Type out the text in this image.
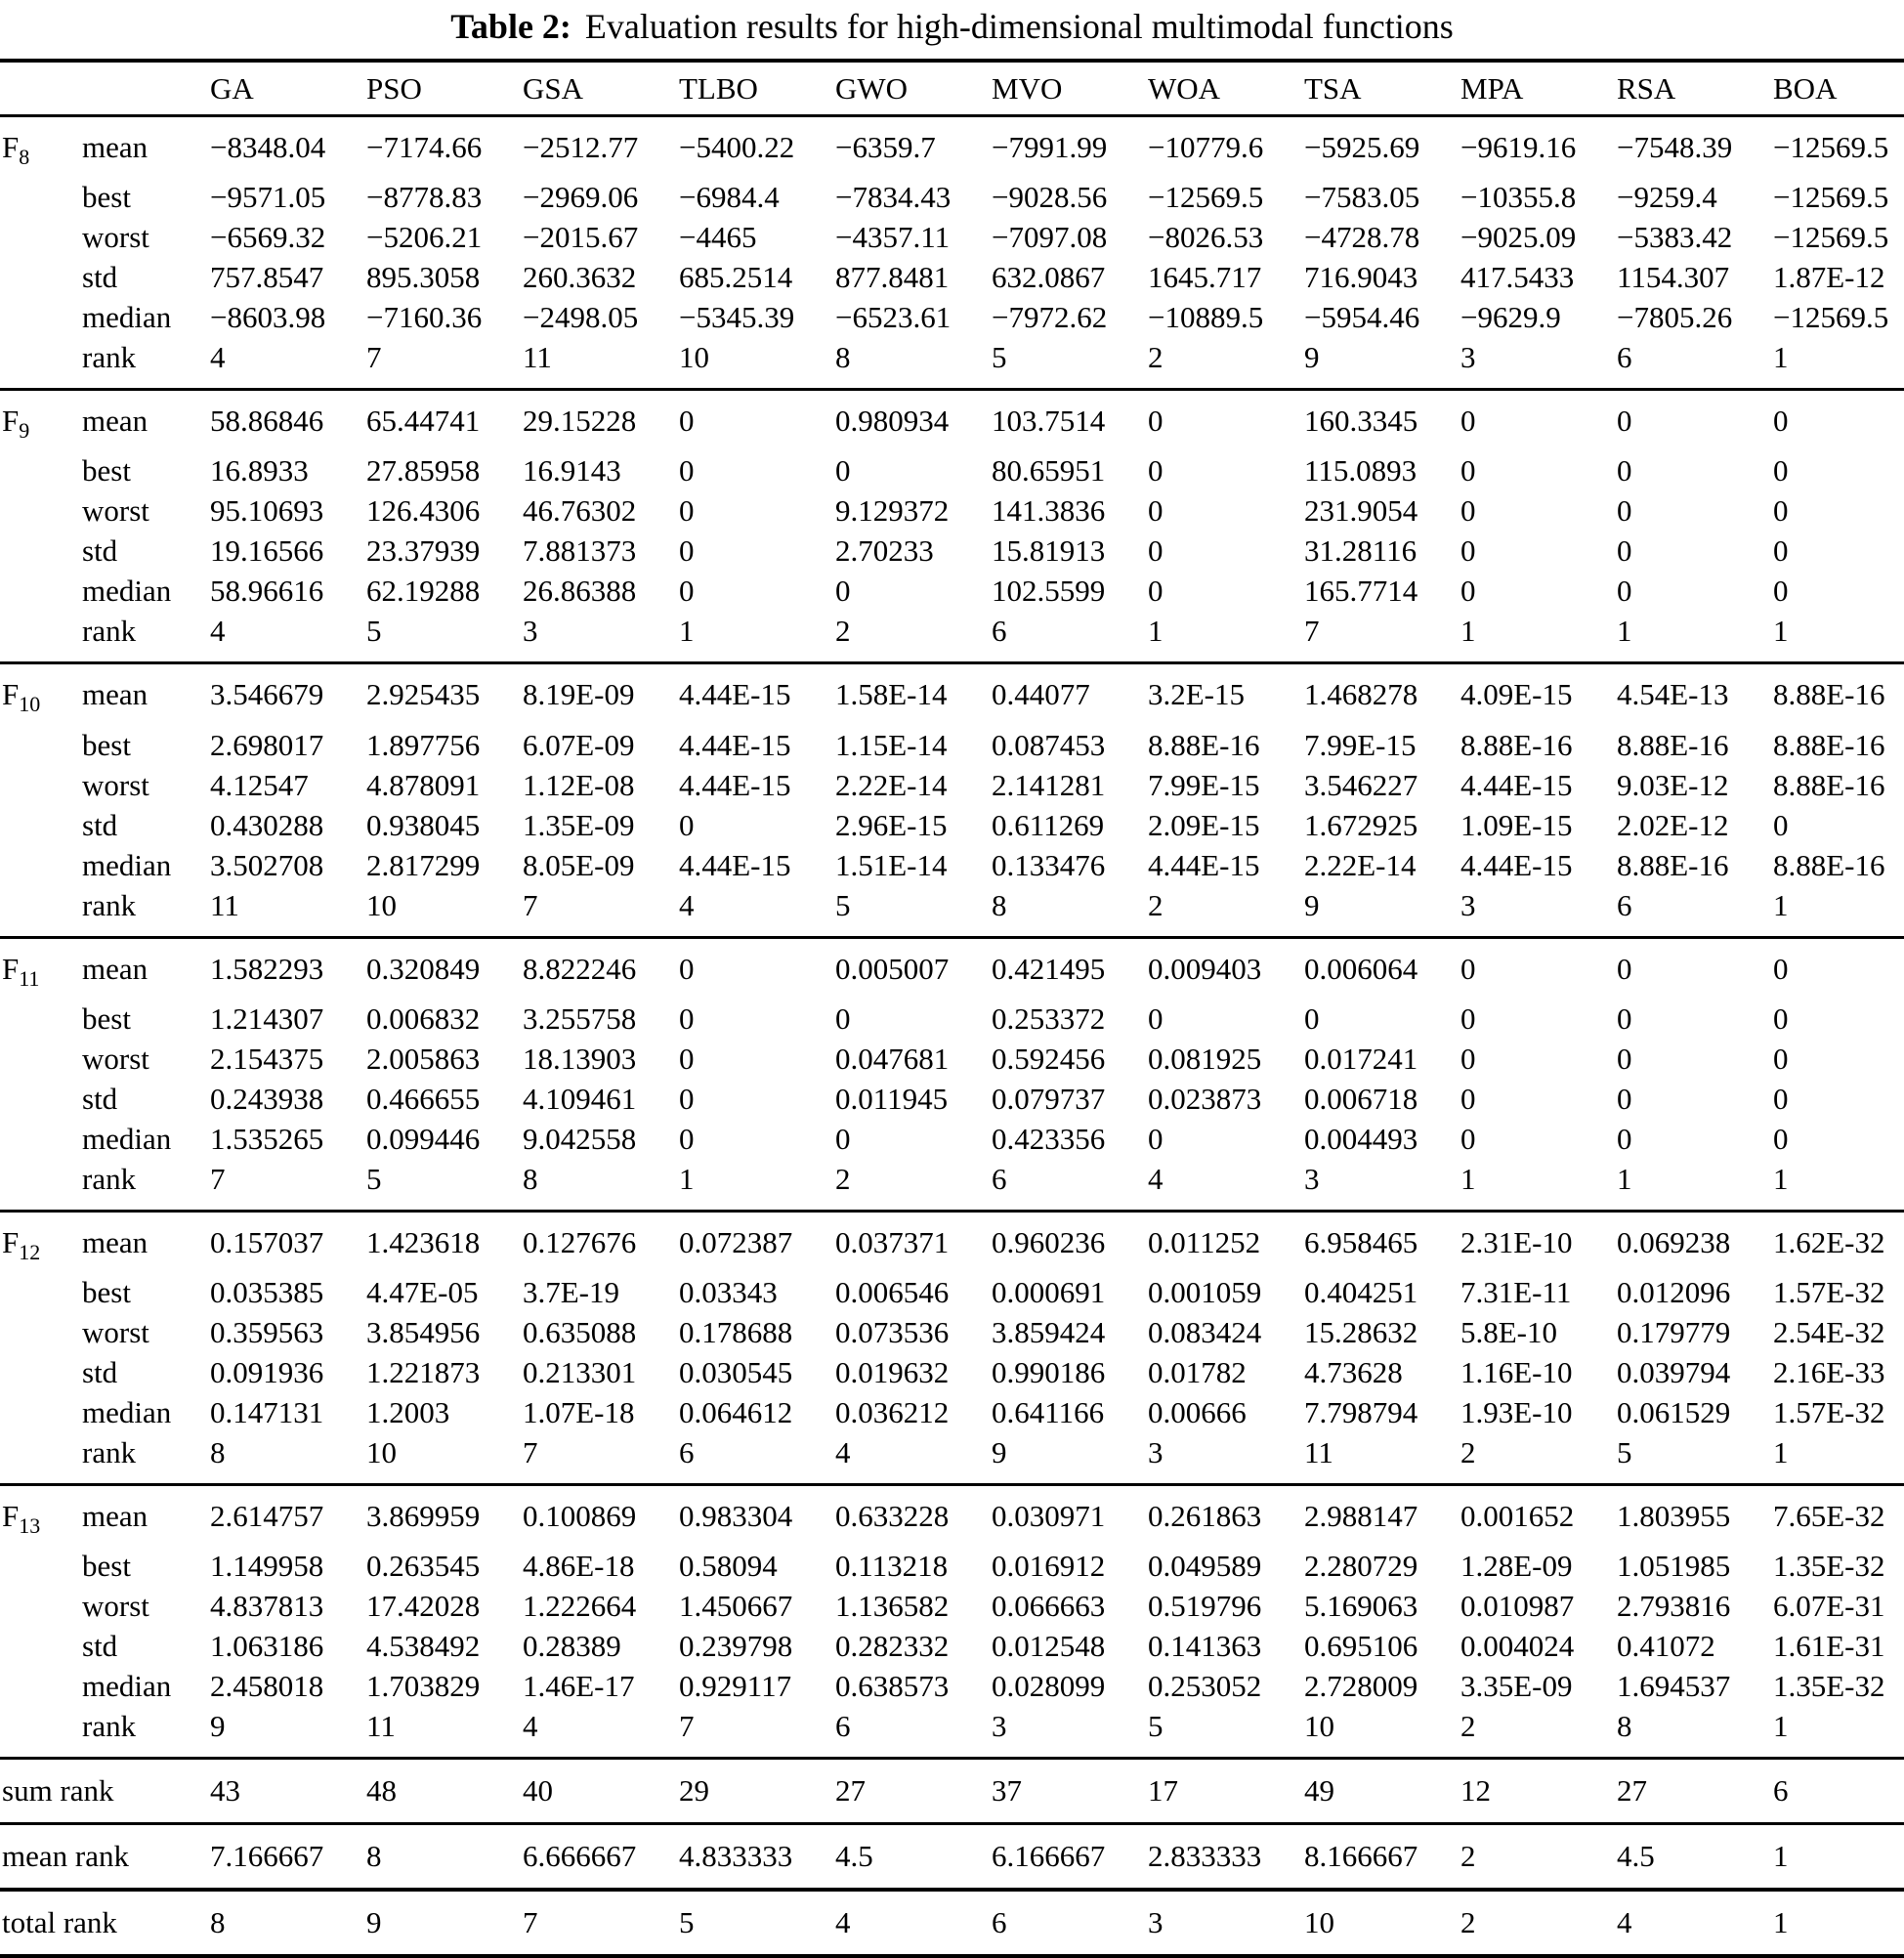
Table 2: Evaluation results for high-dimensional multimodal functions
		GA	PSO	GSA	TLBO	GWO	MVO	WOA	TSA	MPA	RSA	BOA
$F_8$	mean	−8348.04	−7174.66	−2512.77	−5400.22	−6359.7	−7991.99	−10779.6	−5925.69	−9619.16	−7548.39	−12569.5
	best	−9571.05	−8778.83	−2969.06	−6984.4	−7834.43	−9028.56	−12569.5	−7583.05	−10355.8	−9259.4	−12569.5
	worst	−6569.32	−5206.21	−2015.67	−4465	−4357.11	−7097.08	−8026.53	−4728.78	−9025.09	−5383.42	−12569.5
	std	757.8547	895.3058	260.3632	685.2514	877.8481	632.0867	1645.717	716.9043	417.5433	1154.307	1.87E-12
	median	−8603.98	−7160.36	−2498.05	−5345.39	−6523.61	−7972.62	−10889.5	−5954.46	−9629.9	−7805.26	−12569.5
	rank	4	7	11	10	8	5	2	9	3	6	1
$F_9$	mean	58.86846	65.44741	29.15228	0	0.980934	103.7514	0	160.3345	0	0	0
	best	16.8933	27.85958	16.9143	0	0	80.65951	0	115.0893	0	0	0
	worst	95.10693	126.4306	46.76302	0	9.129372	141.3836	0	231.9054	0	0	0
	std	19.16566	23.37939	7.881373	0	2.70233	15.81913	0	31.28116	0	0	0
	median	58.96616	62.19288	26.86388	0	0	102.5599	0	165.7714	0	0	0
	rank	4	5	3	1	2	6	1	7	1	1	1
$F_{10}$	mean	3.546679	2.925435	8.19E-09	4.44E-15	1.58E-14	0.44077	3.2E-15	1.468278	4.09E-15	4.54E-13	8.88E-16
	best	2.698017	1.897756	6.07E-09	4.44E-15	1.15E-14	0.087453	8.88E-16	7.99E-15	8.88E-16	8.88E-16	8.88E-16
	worst	4.12547	4.878091	1.12E-08	4.44E-15	2.22E-14	2.141281	7.99E-15	3.546227	4.44E-15	9.03E-12	8.88E-16
	std	0.430288	0.938045	1.35E-09	0	2.96E-15	0.611269	2.09E-15	1.672925	1.09E-15	2.02E-12	0
	median	3.502708	2.817299	8.05E-09	4.44E-15	1.51E-14	0.133476	4.44E-15	2.22E-14	4.44E-15	8.88E-16	8.88E-16
	rank	11	10	7	4	5	8	2	9	3	6	1
$F_{11}$	mean	1.582293	0.320849	8.822246	0	0.005007	0.421495	0.009403	0.006064	0	0	0
	best	1.214307	0.006832	3.255758	0	0	0.253372	0	0	0	0	0
	worst	2.154375	2.005863	18.13903	0	0.047681	0.592456	0.081925	0.017241	0	0	0
	std	0.243938	0.466655	4.109461	0	0.011945	0.079737	0.023873	0.006718	0	0	0
	median	1.535265	0.099446	9.042558	0	0	0.423356	0	0.004493	0	0	0
	rank	7	5	8	1	2	6	4	3	1	1	1
$F_{12}$	mean	0.157037	1.423618	0.127676	0.072387	0.037371	0.960236	0.011252	6.958465	2.31E-10	0.069238	1.62E-32
	best	0.035385	4.47E-05	3.7E-19	0.03343	0.006546	0.000691	0.001059	0.404251	7.31E-11	0.012096	1.57E-32
	worst	0.359563	3.854956	0.635088	0.178688	0.073536	3.859424	0.083424	15.28632	5.8E-10	0.179779	2.54E-32
	std	0.091936	1.221873	0.213301	0.030545	0.019632	0.990186	0.01782	4.73628	1.16E-10	0.039794	2.16E-33
	median	0.147131	1.2003	1.07E-18	0.064612	0.036212	0.641166	0.00666	7.798794	1.93E-10	0.061529	1.57E-32
	rank	8	10	7	6	4	9	3	11	2	5	1
$F_{13}$	mean	2.614757	3.869959	0.100869	0.983304	0.633228	0.030971	0.261863	2.988147	0.001652	1.803955	7.65E-32
	best	1.149958	0.263545	4.86E-18	0.58094	0.113218	0.016912	0.049589	2.280729	1.28E-09	1.051985	1.35E-32
	worst	4.837813	17.42028	1.222664	1.450667	1.136582	0.066663	0.519796	5.169063	0.010987	2.793816	6.07E-31
	std	1.063186	4.538492	0.28389	0.239798	0.282332	0.012548	0.141363	0.695106	0.004024	0.41072	1.61E-31
	median	2.458018	1.703829	1.46E-17	0.929117	0.638573	0.028099	0.253052	2.728009	3.35E-09	1.694537	1.35E-32
	rank	9	11	4	7	6	3	5	10	2	8	1
sum rank		43	48	40	29	27	37	17	49	12	27	6
mean rank		7.166667	8	6.666667	4.833333	4.5	6.166667	2.833333	8.166667	2	4.5	1
total rank		8	9	7	5	4	6	3	10	2	4	1
